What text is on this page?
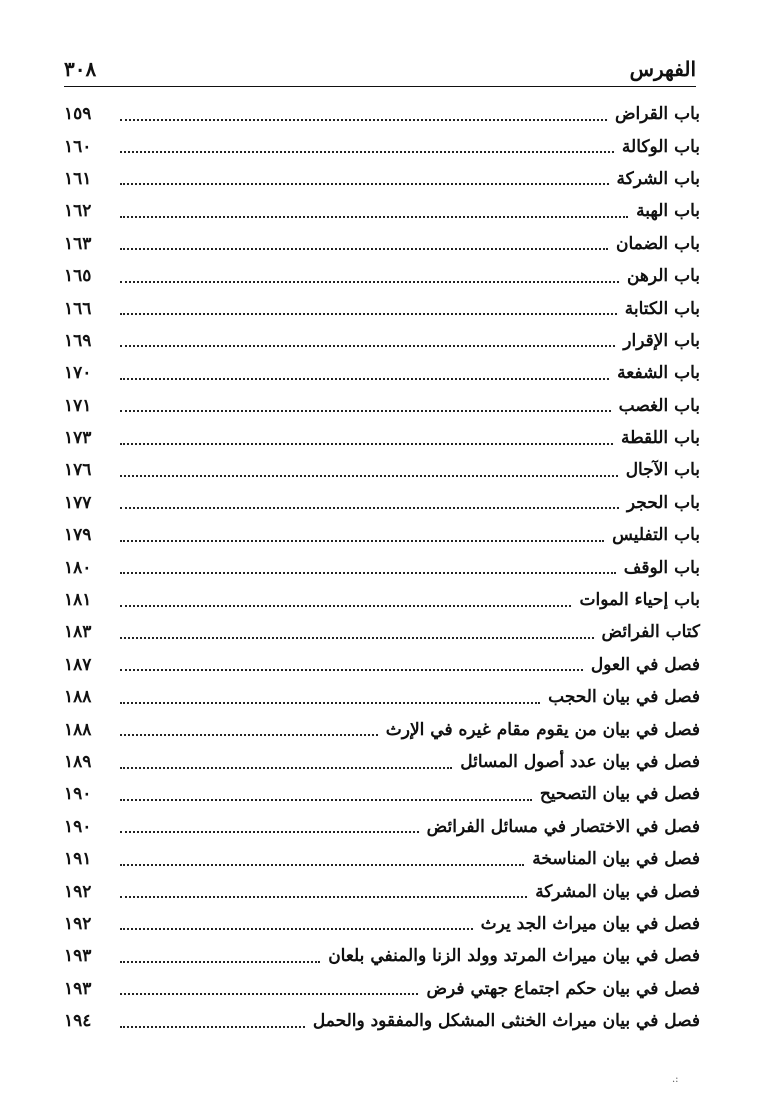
٣٠٨	الفهرس
باب القراض
١٥٩
باب الوكالة
١٦٠
باب الشركة
١٦١
باب الهبة
١٦٢
باب الضمان
١٦٣
باب الرهن
١٦٥
باب الكتابة
١٦٦
باب الإقرار
١٦٩
باب الشفعة
١٧٠
باب الغصب
١٧١
باب اللقطة
١٧٣
باب الآجال
١٧٦
باب الحجر
١٧٧
باب التفليس
١٧٩
باب الوقف
١٨٠
باب إحياء الموات
١٨١
كتاب الفرائض
١٨٣
فصل في العول
١٨٧
فصل في بيان الحجب
١٨٨
فصل في بيان من يقوم مقام غيره في الإرث
١٨٨
فصل في بيان عدد أصول المسائل
١٨٩
فصل في بيان التصحيح
١٩٠
فصل في الاختصار في مسائل الفرائض
١٩٠
فصل في بيان المناسخة
١٩١
فصل في بيان المشركة
١٩٢
فصل في بيان ميراث الجد يرث
١٩٢
فصل في بيان ميراث المرتد وولد الزنا والمنفي بلعان
١٩٣
فصل في بيان حكم اجتماع جهتي فرض
١٩٣
فصل في بيان ميراث الخنثى المشكل والمفقود والحمل
١٩٤
.:
